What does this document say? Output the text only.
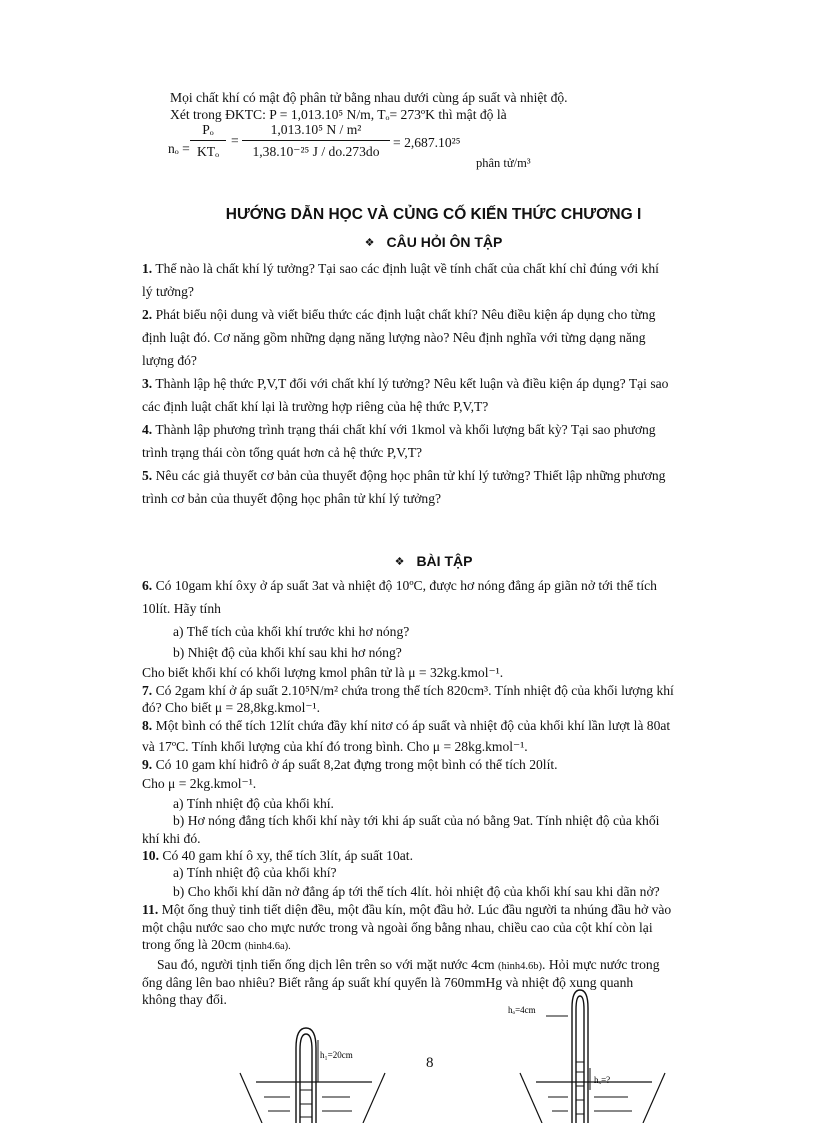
Mọi chất khí có mật độ phân tử bằng nhau dưới cùng áp suất và nhiệt độ.
Xét trong ĐKTC: P = 1,013.10⁵ N/m, Tₒ= 273ºK thì mật độ là
nₒ =
Pₒ
KTₒ
=
1,013.10⁵ N / m²
1,38.10⁻²⁵ J / do.273do
= 2,687.10²⁵
phân tử/m³
HƯỚNG DẪN HỌC VÀ CỦNG CỐ KIẾN THỨC CHƯƠNG I
❖ CÂU HỎI ÔN TẬP
1. Thế nào là chất khí lý tưởng? Tại sao các định luật về tính chất của chất khí chỉ đúng với khí
lý tưởng?
2. Phát biểu nội dung và viết biểu thức các định luật chất khí? Nêu điều kiện áp dụng cho từng
định luật đó. Cơ năng gồm những dạng năng lượng nào? Nêu định nghĩa với từng dạng năng
lượng đó?
3. Thành lập hệ thức P,V,T đối với chất khí lý tưởng? Nêu kết luận và điều kiện áp dụng? Tại sao
các định luật chất khí lại là trường hợp riêng của hệ thức P,V,T?
4. Thành lập phương trình trạng thái chất khí với 1kmol và khối lượng bất kỳ? Tại sao phương
trình trạng thái còn tổng quát hơn cả hệ thức P,V,T?
5. Nêu các giả thuyết cơ bản của thuyết động học phân tử khí lý tưởng? Thiết lập những phương
trình cơ bản của thuyết động học phân tử khí lý tưởng?
❖ BÀI TẬP
6. Có 10gam khí ôxy ở áp suất 3at và nhiệt độ 10ºC, được hơ nóng đẳng áp giãn nở tới thể tích
10lít. Hãy tính
a) Thể tích của khối khí trước khi hơ nóng?
b) Nhiệt độ của khối khí sau khi hơ nóng?
Cho biết khối khí có khối lượng kmol phân tử là μ = 32kg.kmol⁻¹.
7. Có 2gam khí ở áp suất 2.10⁵N/m² chứa trong thể tích 820cm³. Tính nhiệt độ của khối lượng khí
đó? Cho biết μ = 28,8kg.kmol⁻¹.
8. Một bình có thể tích 12lít chứa đầy khí nitơ có áp suất và nhiệt độ của khối khí lần lượt là 80at
và 17ºC. Tính khối lượng của khí đó trong bình. Cho μ = 28kg.kmol⁻¹.
9. Có 10 gam khí hiđrô ở áp suất 8,2at đựng trong một bình có thể tích 20lít.
Cho μ = 2kg.kmol⁻¹.
a) Tính nhiệt độ của khối khí.
b) Hơ nóng đẳng tích khối khí này tới khi áp suất của nó bằng 9at. Tính nhiệt độ của khối
khí khi đó.
10. Có 40 gam khí ô xy, thể tích 3lít, áp suất 10at.
a) Tính nhiệt độ của khối khí?
b) Cho khối khí dãn nở đẳng áp tới thể tích 4lít. hỏi nhiệt độ của khối khí sau khi dãn nở?
11. Một ống thuỷ tinh tiết diện đều, một đầu kín, một đầu hở. Lúc đầu người ta nhúng đầu hở vào
một chậu nước sao cho mực nước trong và ngoài ống bằng nhau, chiều cao của cột khí còn lại
trong ống là 20cm (hình4.6a).
Sau đó, người tịnh tiến ống dịch lên trên so với mặt nước 4cm (hình4.6b). Hỏi mực nước trong
ống dâng lên bao nhiêu? Biết rằng áp suất khí quyển là 760mmHg và nhiệt độ xung quanh
không thay đổi.
h₁=20cm
hₒ=4cm
hₓ=?
8
